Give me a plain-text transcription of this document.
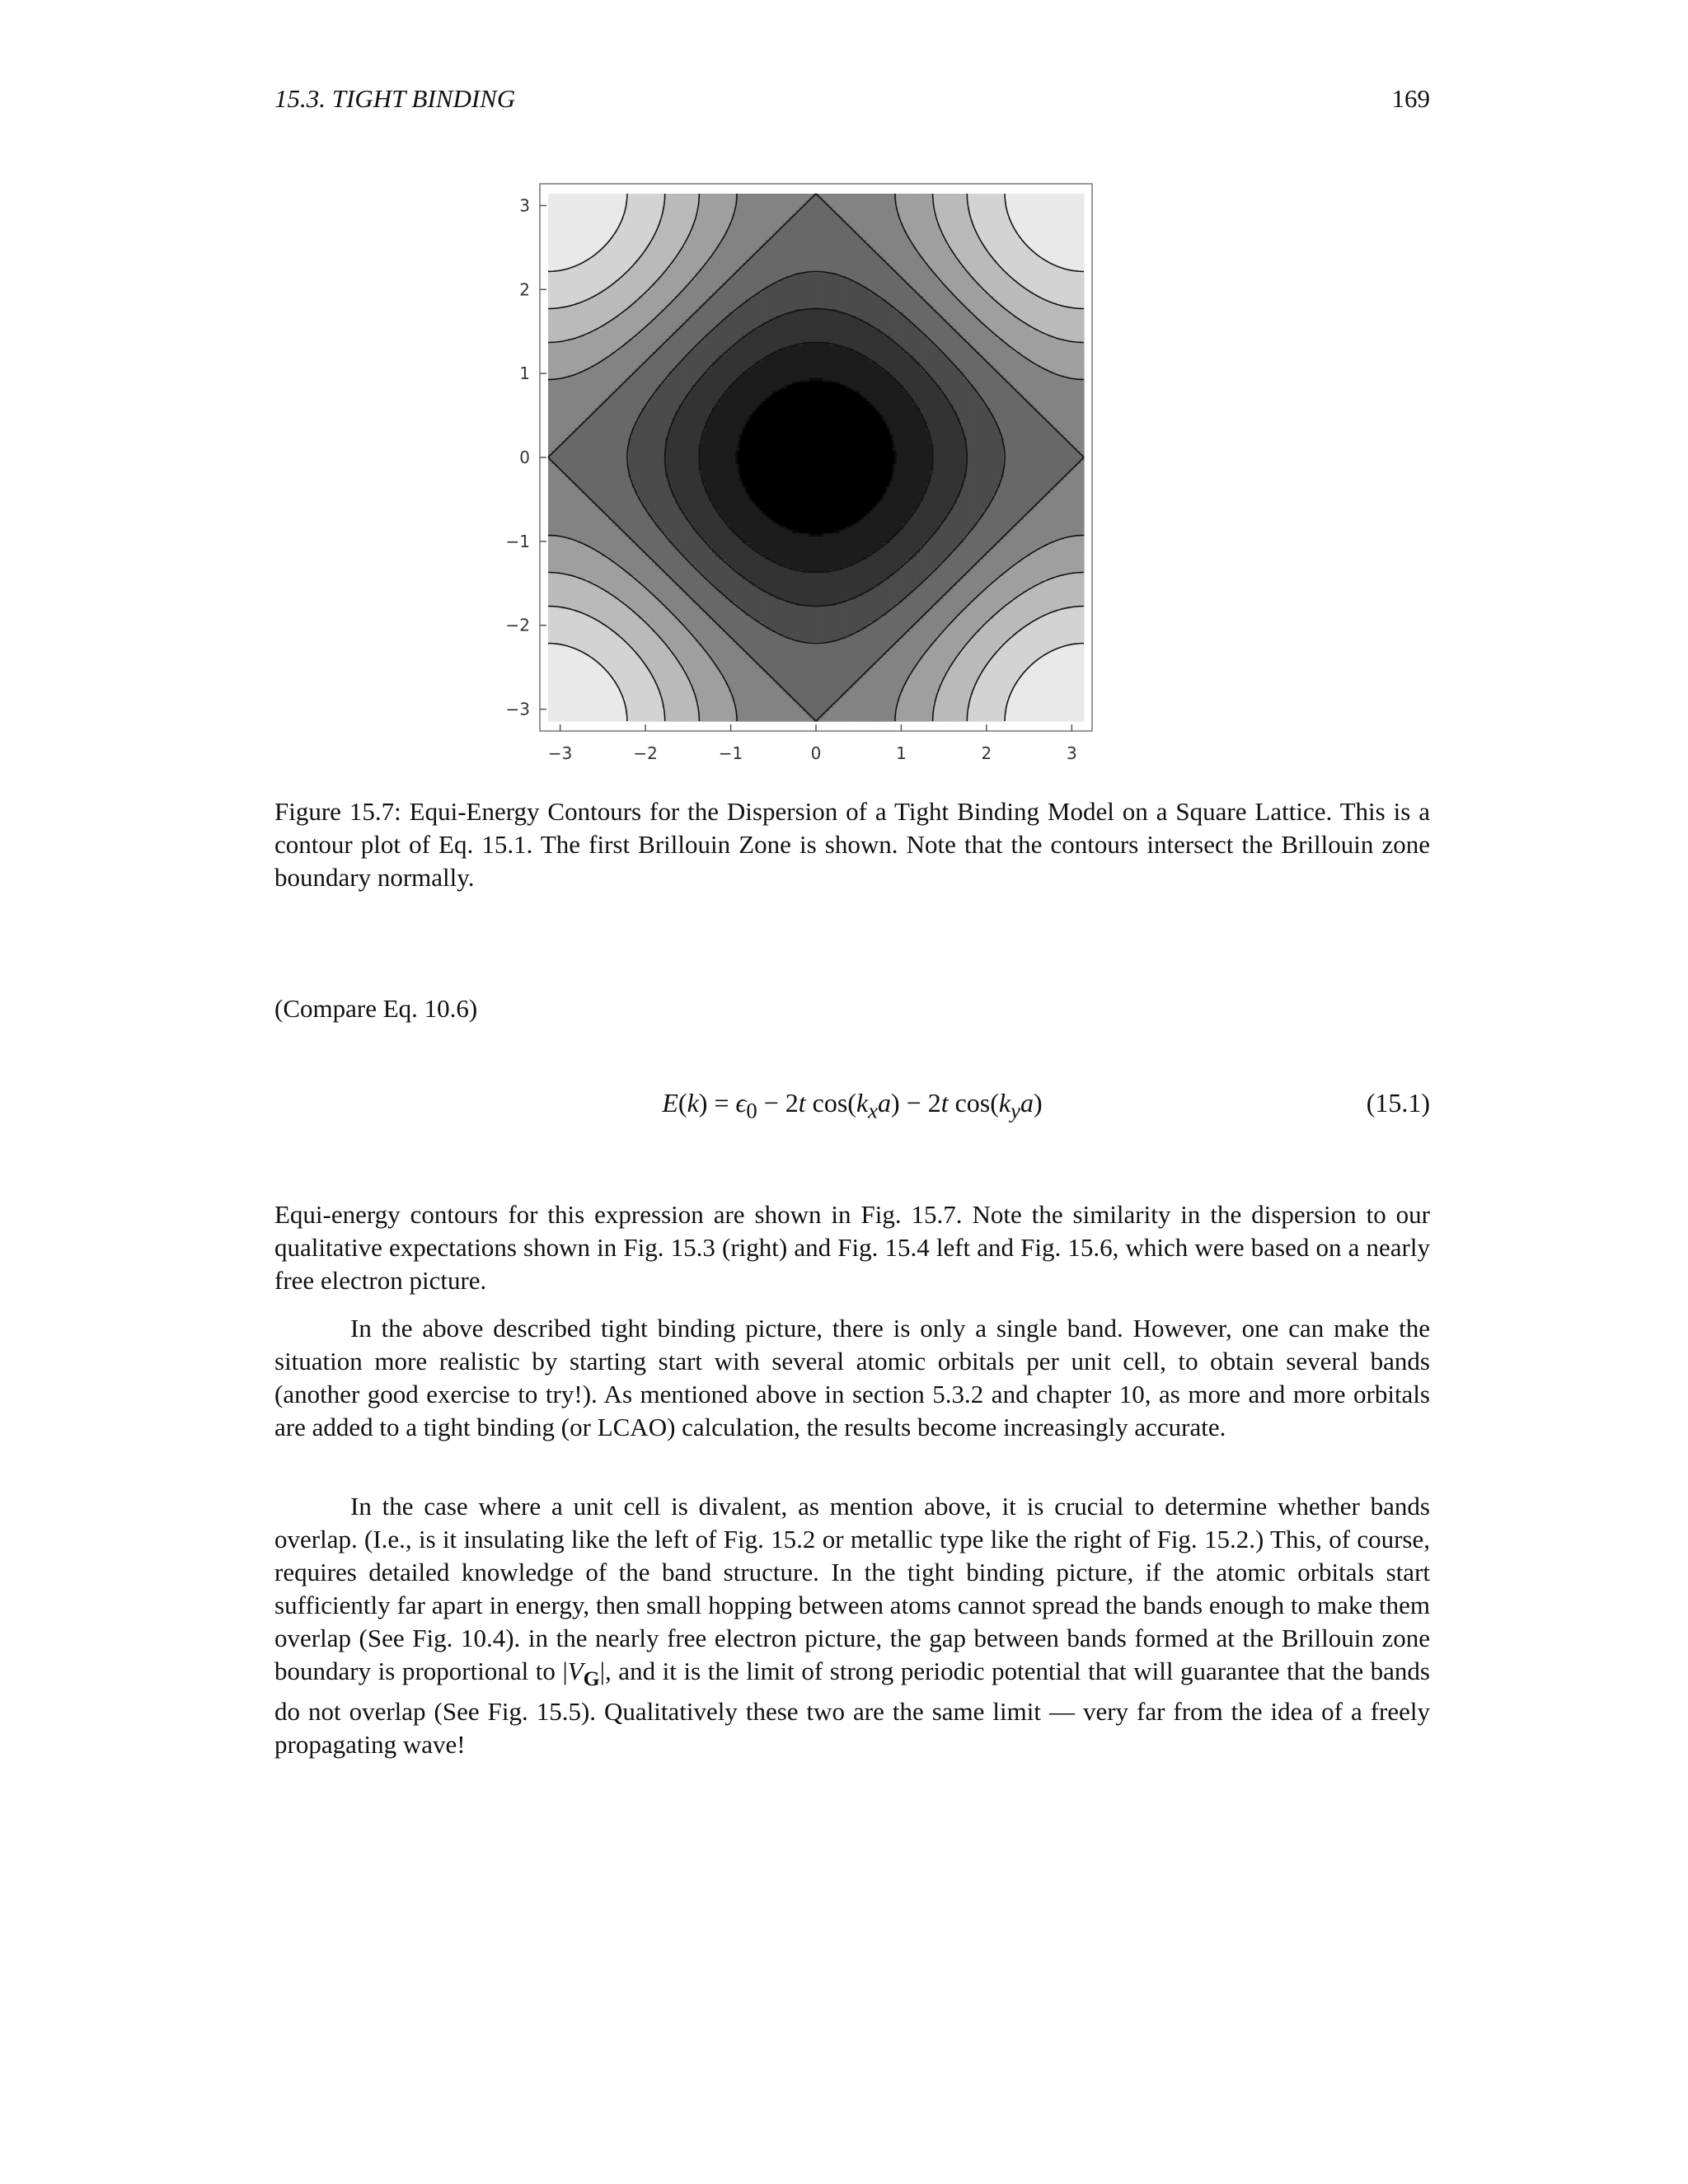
15.3. TIGHT BINDING	169
−3	−2	−1	0	1	2	3
3
2
1
0
−1
−2
−3

Figure 15.7: Equi-Energy Contours for the Dispersion of a Tight Binding Model on a Square Lattice. This is a contour plot of Eq. 15.1. The first Brillouin Zone is shown. Note that the contours intersect the Brillouin zone boundary normally.

(Compare Eq. 10.6)

$E(k) = \epsilon_0 - 2t$ $\cos(k_xa) - 2t$ $\cos(k_ya)$	(15.1)

Equi-energy contours for this expression are shown in Fig. 15.7. Note the similarity in the dispersion to our qualitative expectations shown in Fig. 15.3 (right) and Fig. 15.4 left and Fig. 15.6, which were based on a nearly free electron picture.

In the above described tight binding picture, there is only a single band. However, one can make the situation more realistic by starting start with several atomic orbitals per unit cell, to obtain several bands (another good exercise to try!). As mentioned above in section 5.3.2 and chapter 10, as more and more orbitals are added to a tight binding (or LCAO) calculation, the results become increasingly accurate.

In the case where a unit cell is divalent, as mention above, it is crucial to determine whether bands overlap. (I.e., is it insulating like the left of Fig. 15.2 or metallic type like the right of Fig. 15.2.) This, of course, requires detailed knowledge of the band structure. In the tight binding picture, if the atomic orbitals start sufficiently far apart in energy, then small hopping between atoms cannot spread the bands enough to make them overlap (See Fig. 10.4). in the nearly free electron picture, the gap between bands formed at the Brillouin zone boundary is proportional to $|V_G|$, and it is the limit of strong periodic potential that will guarantee that the bands do not overlap (See Fig. 15.5). Qualitatively these two are the same limit — very far from the idea of a freely propagating wave!
